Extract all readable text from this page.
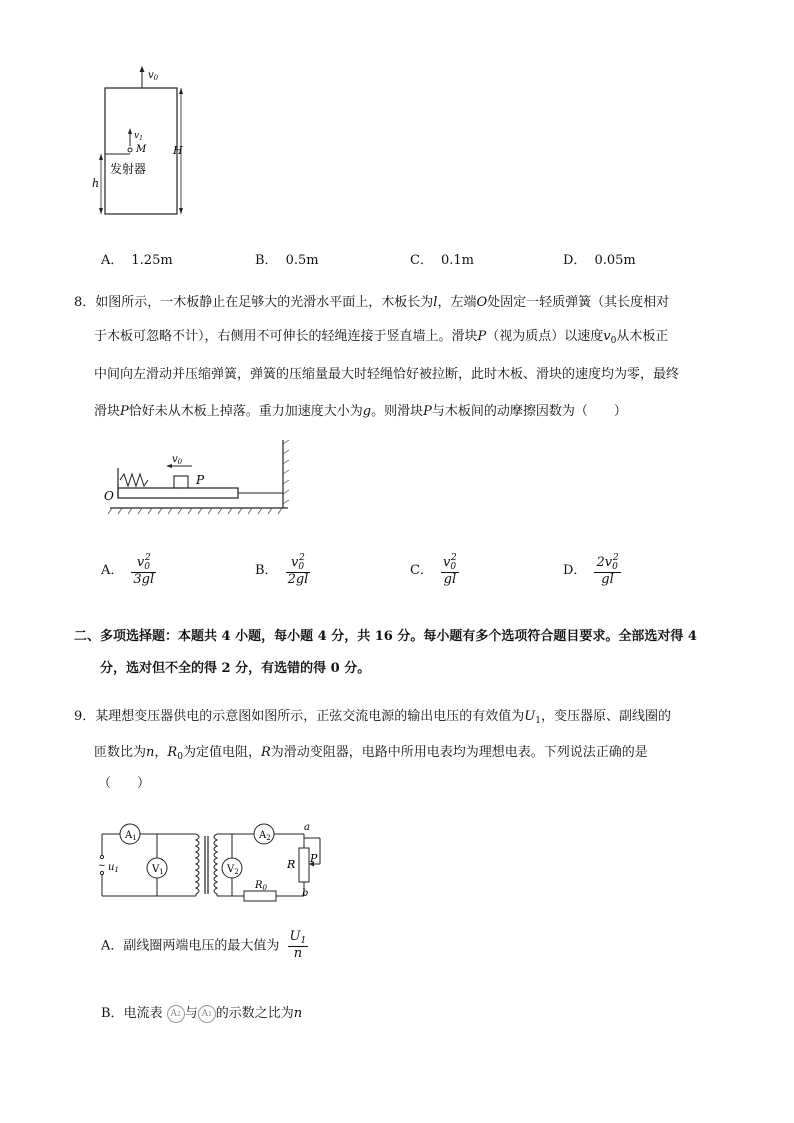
$v_0$
$v_1$
M
发射器
h
H
A． 1.25m	B． 0.5m	C． 0.1m	D． 0.05m
8．如图所示，一木板静止在足够大的光滑水平面上，木板长为l，左端O处固定一轻质弹簧（其长度相对
于木板可忽略不计），右侧用不可伸长的轻绳连接于竖直墙上。滑块P（视为质点）以速度$v_0$从木板正
中间向左滑动并压缩弹簧，弹簧的压缩量最大时轻绳恰好被拉断，此时木板、滑块的速度均为零，最终
滑块P恰好未从木板上掉落。重力加速度大小为g。则滑块P与木板间的动摩擦因数为（　　）
P
$v_0$
O
A． $\frac{v_0^2}{3gl}$	B． $\frac{v_0^2}{2gl}$	C． $\frac{v_0^2}{gl}$	D． $\frac{2v_0^2}{gl}$
二、多项选择题：本题共 4 小题，每小题 4 分，共 16 分。每小题有多个选项符合题目要求。全部选对得 4
分，选对但不全的得 2 分，有选错的得 0 分。
9．某理想变压器供电的示意图如图所示，正弦交流电源的输出电压的有效值为$U_1$，变压器原、副线圈的
匝数比为n，$R_0$为定值电阻，R为滑动变阻器，电路中所用电表均为理想电表。下列说法正确的是
（　　）
$A_1$
$V_1$
$A_2$
$V_2$
~ $u_1$	R P
a
b
$R_0$
A．副线圈两端电压的最大值为 $\frac{U_1}{n}$
B．电流表 A2 与 A1 的示数之比为n
